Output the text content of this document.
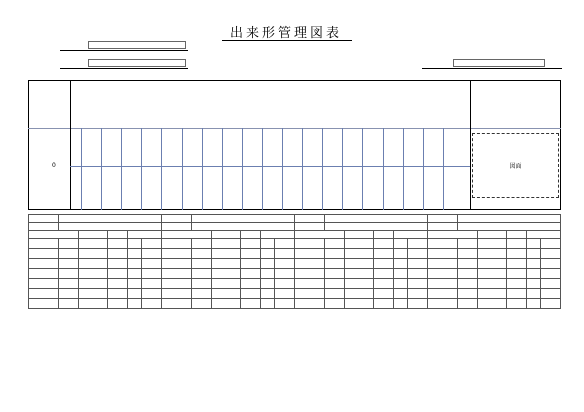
出来形管理図表
0	図面
